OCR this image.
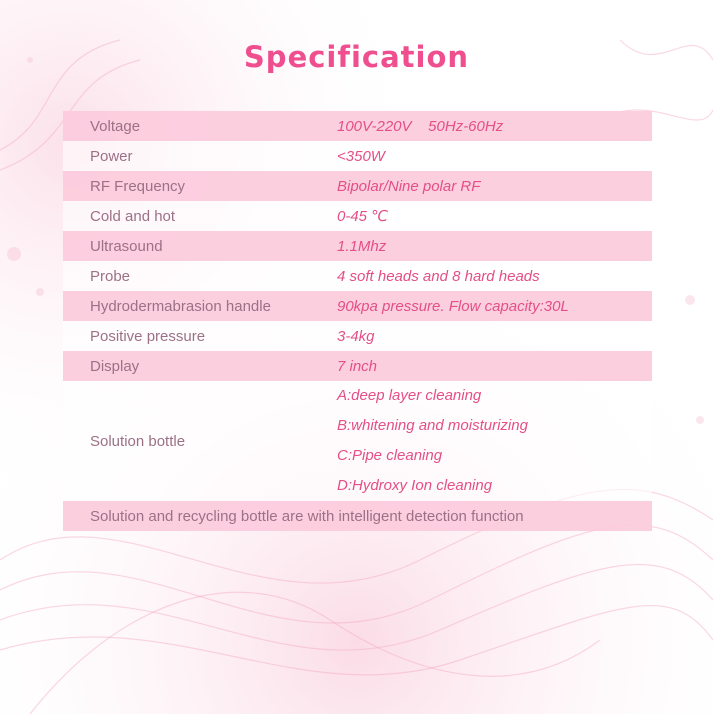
Specification
Voltage	100V-220V    50Hz-60Hz
Power	<350W
RF Frequency	Bipolar/Nine polar RF
Cold and hot	0-45 ℃
Ultrasound	1.1Mhz
Probe	4 soft heads and 8 hard heads
Hydrodermabrasion handle	90kpa pressure. Flow capacity:30L
Positive pressure	3-4kg
Display	7 inch
Solution bottle	A:deep layer cleaning
B:whitening and moisturizing
C:Pipe cleaning
D:Hydroxy Ion cleaning

Solution and recycling bottle are with intelligent detection function	
